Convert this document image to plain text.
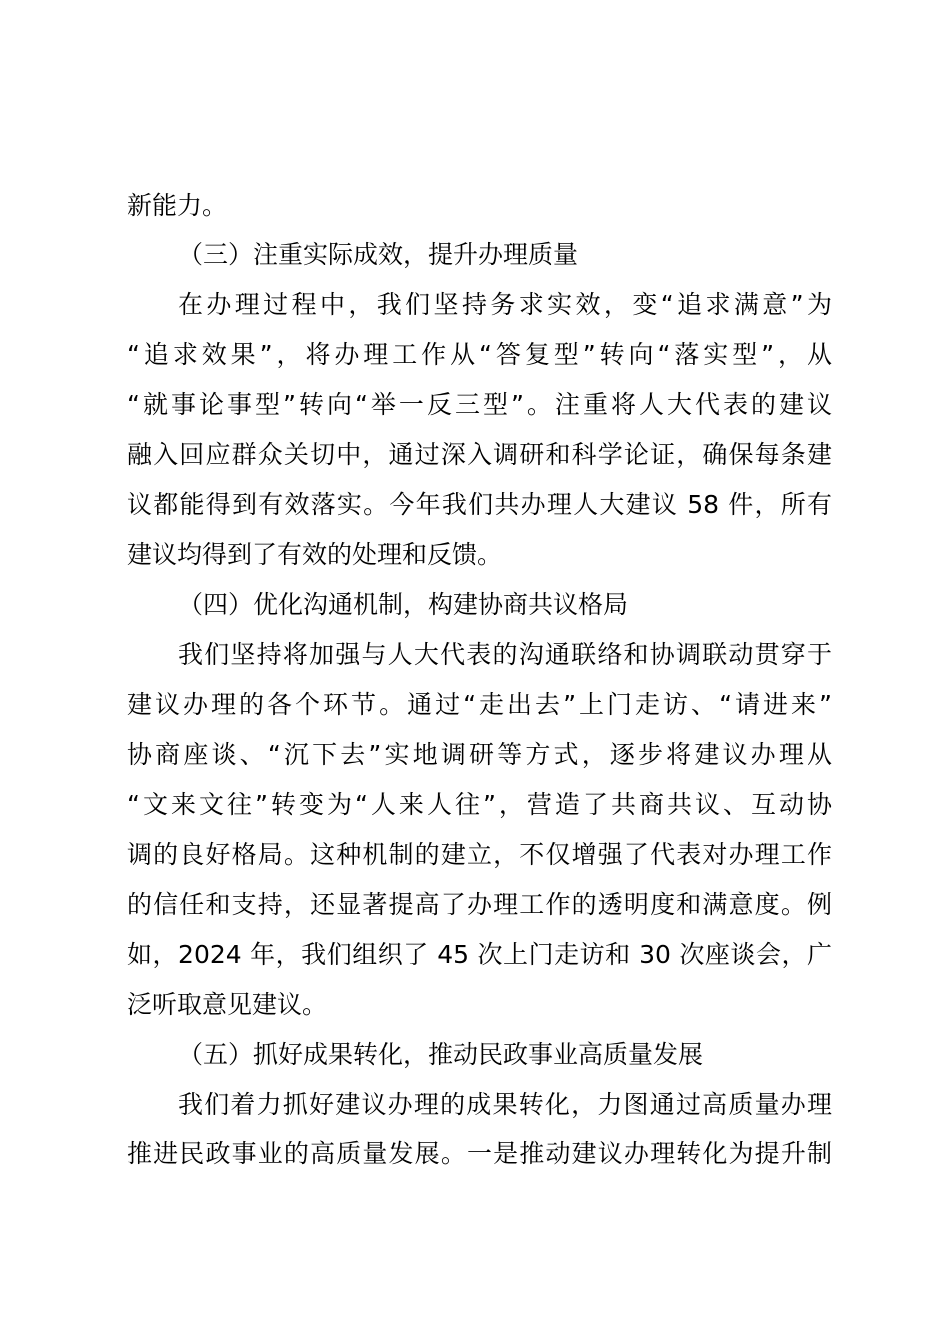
新能力。

（三）注重实际成效，提升办理质量

在办理过程中，我们坚持务求实效，变“追求满意”为

“追求效果”，将办理工作从“答复型”转向“落实型”，从

“就事论事型”转向“举一反三型”。注重将人大代表的建议

融入回应群众关切中，通过深入调研和科学论证，确保每条建

议都能得到有效落实。今年我们共办理人大建议 58 件，所有

建议均得到了有效的处理和反馈。

（四）优化沟通机制，构建协商共议格局

我们坚持将加强与人大代表的沟通联络和协调联动贯穿于

建议办理的各个环节。通过“走出去”上门走访、“请进来”

协商座谈、“沉下去”实地调研等方式，逐步将建议办理从

“文来文往”转变为“人来人往”，营造了共商共议、互动协

调的良好格局。这种机制的建立，不仅增强了代表对办理工作

的信任和支持，还显著提高了办理工作的透明度和满意度。例

如，2024 年，我们组织了 45 次上门走访和 30 次座谈会，广

泛听取意见建议。

（五）抓好成果转化，推动民政事业高质量发展

我们着力抓好建议办理的成果转化，力图通过高质量办理

推进民政事业的高质量发展。一是推动建议办理转化为提升制
